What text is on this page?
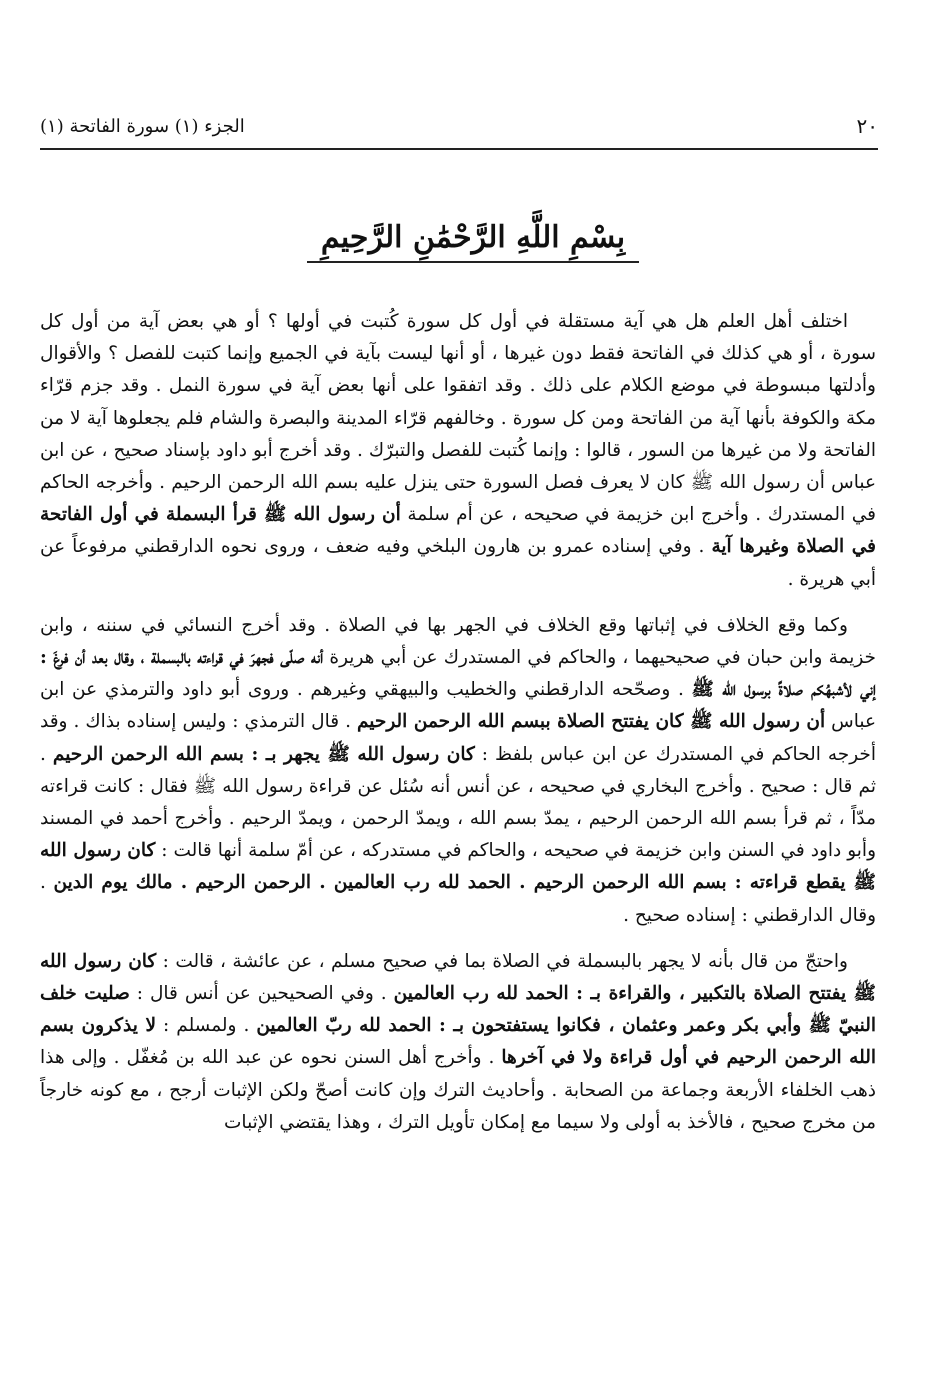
٢٠
الجزء (١) سورة الفاتحة (١)
بِسْمِ اللَّهِ الرَّحْمَٰنِ الرَّحِيمِ

اختلف أهل العلم هل هي آية مستقلة في أول كل سورة كُتبت في أولها ؟ أو هي بعض آية من أول كل سورة ، أو هي كذلك في الفاتحة فقط دون غيرها ، أو أنها ليست بآية في الجميع وإنما كتبت للفصل ؟ والأقوال وأدلتها مبسوطة في موضع الكلام على ذلك . وقد اتفقوا على أنها بعض آية في سورة النمل . وقد جزم قرّاء مكة والكوفة بأنها آية من الفاتحة ومن كل سورة . وخالفهم قرّاء المدينة والبصرة والشام فلم يجعلوها آية لا من الفاتحة ولا من غيرها من السور ، قالوا : وإنما كُتبت للفصل والتبرّك . وقد أخرج أبو داود بإسناد صحيح ، عن ابن عباس أن رسول الله ﷺ كان لا يعرف فصل السورة حتى ينزل عليه بسم الله الرحمن الرحيم . وأخرجه الحاكم في المستدرك . وأخرج ابن خزيمة في صحيحه ، عن أم سلمة أن رسول الله ﷺ قرأ البسملة في أول الفاتحة في الصلاة وغيرها آية . وفي إسناده عمرو بن هارون البلخي وفيه ضعف ، وروى نحوه الدارقطني مرفوعاً عن أبي هريرة .

وكما وقع الخلاف في إثباتها وقع الخلاف في الجهر بها في الصلاة . وقد أخرج النسائي في سننه ، وابن خزيمة وابن حبان في صحيحيهما ، والحاكم في المستدرك عن أبي هريرة أنه صلّى فجهرَ في قراءته بالبسملة ، وقال بعد أن فرغَ : إني لأشبهُكم صلاةً برسول الله ﷺ . وصحّحه الدارقطني والخطيب والبيهقي وغيرهم . وروى أبو داود والترمذي عن ابن عباس أن رسول الله ﷺ كان يفتتح الصلاة ببسم الله الرحمن الرحيم . قال الترمذي : وليس إسناده بذاك . وقد أخرجه الحاكم في المستدرك عن ابن عباس بلفظ : كان رسول الله ﷺ يجهر بـ : بسم الله الرحمن الرحيم . ثم قال : صحيح . وأخرج البخاري في صحيحه ، عن أنس أنه سُئل عن قراءة رسول الله ﷺ فقال : كانت قراءته مدّاً ، ثم قرأ بسم الله الرحمن الرحيم ، يمدّ بسم الله ، ويمدّ الرحمن ، ويمدّ الرحيم . وأخرج أحمد في المسند وأبو داود في السنن وابن خزيمة في صحيحه ، والحاكم في مستدركه ، عن أمّ سلمة أنها قالت : كان رسول الله ﷺ يقطع قراءته : بسم الله الرحمن الرحيم . الحمد لله رب العالمين . الرحمن الرحيم . مالك يوم الدين . وقال الدارقطني : إسناده صحيح .

واحتجّ من قال بأنه لا يجهر بالبسملة في الصلاة بما في صحيح مسلم ، عن عائشة ، قالت : كان رسول الله ﷺ يفتتح الصلاة بالتكبير ، والقراءة بـ : الحمد لله رب العالمين . وفي الصحيحين عن أنس قال : صليت خلف النبيّ ﷺ وأبي بكر وعمر وعثمان ، فكانوا يستفتحون بـ : الحمد لله ربّ العالمين . ولمسلم : لا يذكرون بسم الله الرحمن الرحيم في أول قراءة ولا في آخرها . وأخرج أهل السنن نحوه عن عبد الله بن مُغفّل . وإلى هذا ذهب الخلفاء الأربعة وجماعة من الصحابة . وأحاديث الترك وإن كانت أصحّ ولكن الإثبات أرجح ، مع كونه خارجاً من مخرج صحيح ، فالأخذ به أولى ولا سيما مع إمكان تأويل الترك ، وهذا يقتضي الإثبات
